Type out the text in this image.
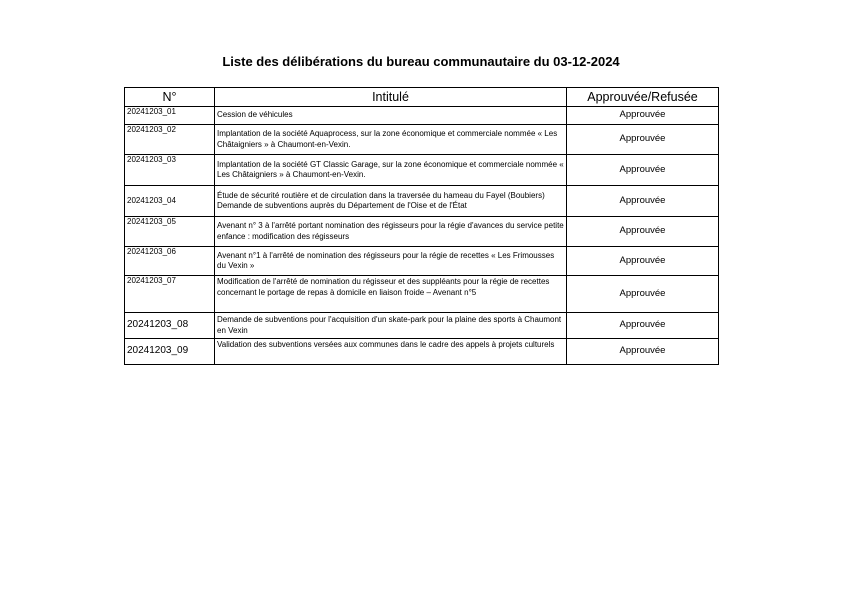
Liste des délibérations du bureau communautaire du 03-12-2024
N°	Intitulé	Approuvée/Refusée
20241203_01	Cession de véhicules	Approuvée
20241203_02	Implantation de la société Aquaprocess, sur la zone économique et commerciale nommée « Les Châtaigniers » à Chaumont-en-Vexin.	Approuvée
20241203_03	Implantation de la société GT Classic Garage, sur la zone économique et commerciale nommée « Les Châtaigniers » à Chaumont-en-Vexin.	Approuvée
20241203_04	Étude de sécurité routière et de circulation dans la traversée du hameau du Fayel (Boubiers) Demande de subventions auprès du Département de l'Oise et de l'État	Approuvée
20241203_05	Avenant n° 3 à l'arrêté portant nomination des régisseurs pour la régie d'avances du service petite enfance : modification des régisseurs	Approuvée
20241203_06	Avenant n°1 à l'arrêté de nomination des régisseurs pour la régie de recettes « Les Frimousses du Vexin »	Approuvée
20241203_07	Modification de l'arrêté de nomination du régisseur et des suppléants pour la régie de recettes concernant le portage de repas à domicile en liaison froide – Avenant n°5	Approuvée
20241203_08	Demande de subventions pour l'acquisition d'un skate-park pour la plaine des sports à Chaumont en Vexin	Approuvée
20241203_09	Validation des subventions versées aux communes dans le cadre des appels à projets culturels	Approuvée
